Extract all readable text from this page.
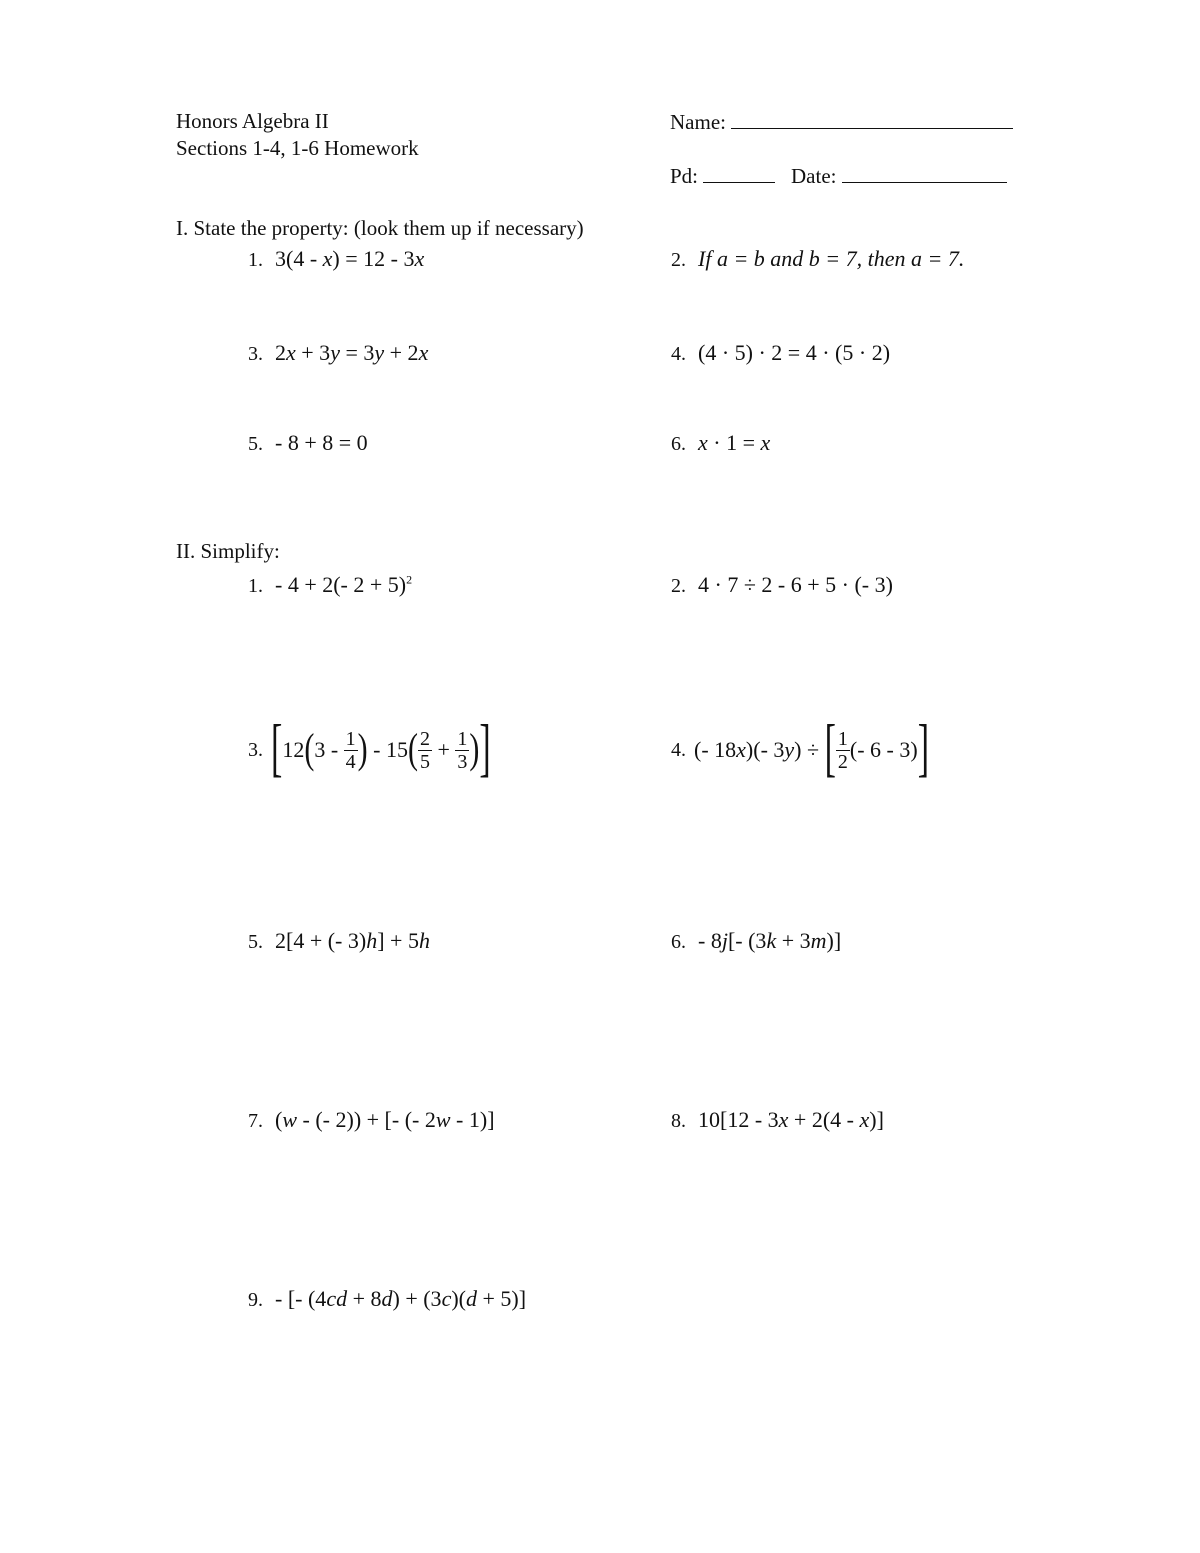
Honors Algebra II
Sections 1-4, 1-6 Homework
Name:
Pd:	Date:
I. State the property: (look them up if necessary)
1. 3(4 - x) = 12 - 3x	2. If a = b and b = 7, then a = 7.
3. 2x + 3y = 3y + 2x	4. (4 · 5) · 2 = 4 · (5 · 2)
5. - 8 + 8 = 0	6. x · 1 = x
II. Simplify:
1. - 4 + 2(- 2 + 5)$^2$	2. 4 · 7 ÷ 2 - 6 + 5 · (- 3)
3. [ 12 ( $3 - \frac{1}{4}$ ) - 15 ( $\frac{2}{5} + \frac{1}{3}$ ) ]	4. (- 18 x )(- 3 y ) ÷ [ $\frac{1}{2}$ (- 6 - 3) ]
5. 2[4 + (- 3)h] + 5h	6. - 8j[- (3k + 3m)]
7. (w - (- 2)) + [- (- 2w - 1)]	8. 10[12 - 3x + 2(4 - x)]
9. - [- (4cd + 8d) + (3c)(d + 5)]
